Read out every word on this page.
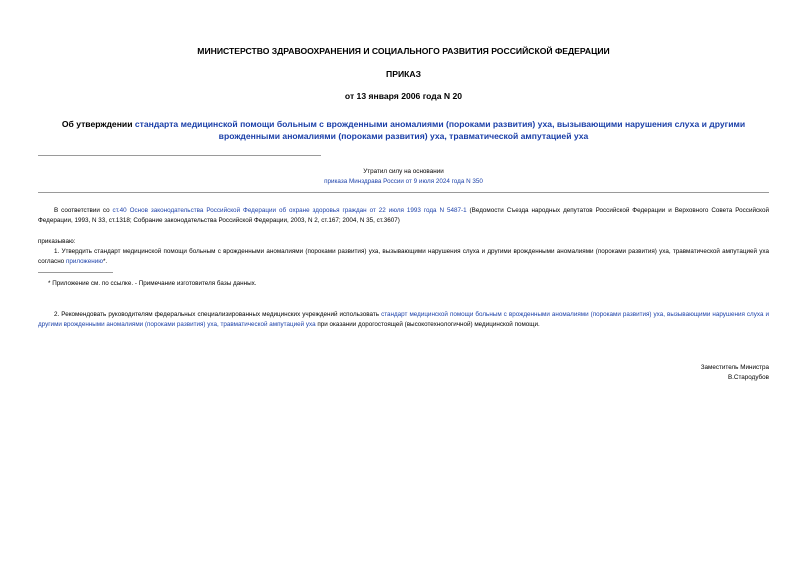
МИНИСТЕРСТВО ЗДРАВООХРАНЕНИЯ И СОЦИАЛЬНОГО РАЗВИТИЯ РОССИЙСКОЙ ФЕДЕРАЦИИ
ПРИКАЗ
от 13 января 2006 года N 20
Об утверждении стандарта медицинской помощи больным с врожденными аномалиями (пороками развития) уха, вызывающими нарушения слуха и другими
врожденными аномалиями (пороками развития) уха, травматической ампутацией уха
Утратил силу на основании
приказа Минздрава России от 9 июля 2024 года N 350
В соответствии со ст.40 Основ законодательства Российской Федерации об охране здоровья граждан от 22 июля 1993 года N 5487-1 (Ведомости Съезда народных депутатов Российской Федерации и Верховного Совета Российской Федерации, 1993, N 33, ст.1318; Собрание законодательства Российской Федерации, 2003, N 2, ст.167; 2004, N 35, ст.3607)
приказываю:
1. Утвердить стандарт медицинской помощи больным с врожденными аномалиями (пороками развития) уха, вызывающими нарушения слуха и другими врожденными аномалиями (пороками развития) уха, травматической ампутацией уха согласно приложению*.
* Приложение см. по ссылке. - Примечание изготовителя базы данных.
2. Рекомендовать руководителям федеральных специализированных медицинских учреждений использовать стандарт медицинской помощи больным с врожденными аномалиями (пороками развития) уха, вызывающими нарушения слуха и другими врожденными аномалиями (пороками развития) уха, травматической ампутацией уха при оказании дорогостоящей (высокотехнологичной) медицинской помощи.
Заместитель Министра
В.Стародубов
